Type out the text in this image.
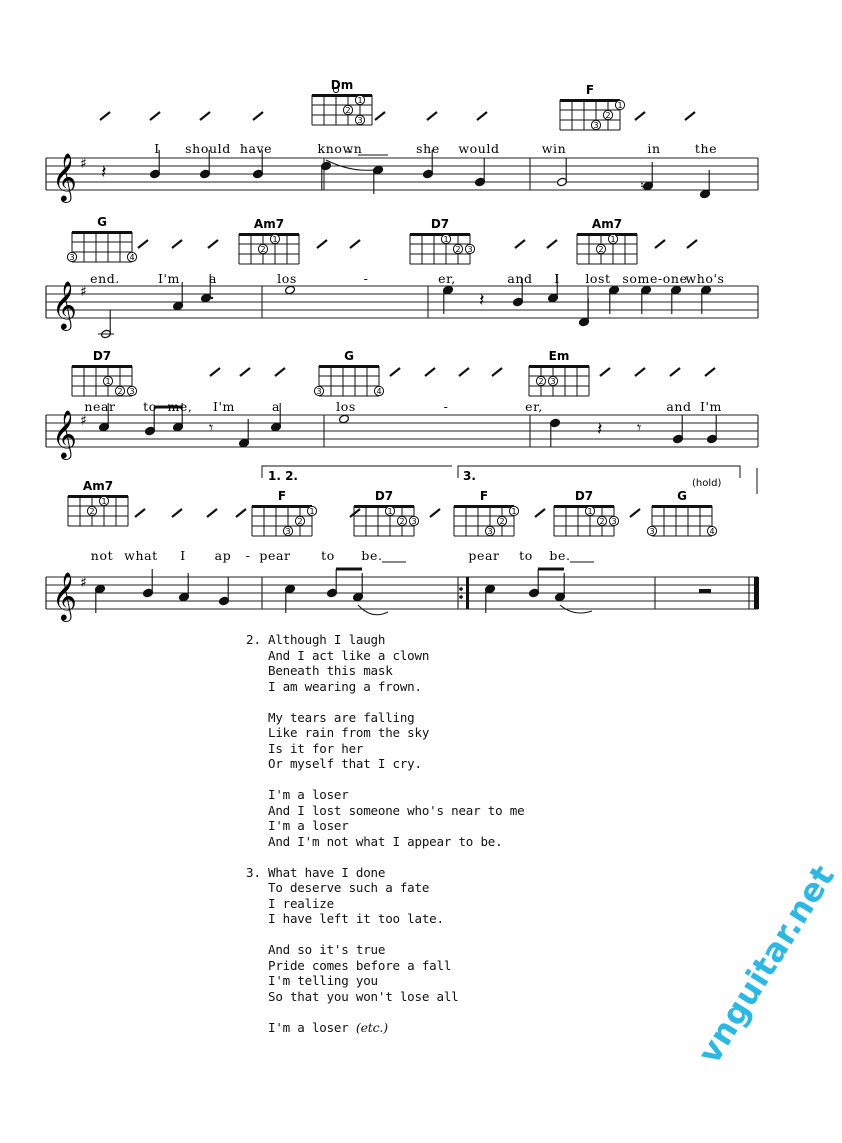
𝄞 ♯
𝄞 ♯
𝄞 ♯
𝄞 ♯
𝄽
♮
𝄽
𝄾	𝄽 𝄾
1
2
3
Dm
1
2
3
F
3	4
G
1
2
Am7
1
2 3
D7
1
2
Am7
1
2 3
D7
3	4
G
2 3
Em
1
2
Am7
1
2
3
F
1
2 3
D7
1
2
3
F
1
2 3
D7
3	4
G
I should have	known	she would	win	in	the
end.	I'm a	los	-	er,	and I lost some-one
who's
near to me, I'm	a	los	-	er,	and I'm
not what I ap - pear to be.	pear to be.
1. 2.	3.
(hold)
2. Although I laugh
And I act like a clown
Beneath this mask
I am wearing a frown.
My tears are falling
Like rain from the sky
Is it for her
Or myself that I cry.
I'm a loser
And I lost someone who's near to me
I'm a loser
And I'm not what I appear to be.
3. What have I done
To deserve such a fate
I realize
I have left it too late.
And so it's true
Pride comes before a fall
I'm telling you
So that you won't lose all
I'm a loser (etc.)	vnguitar.net
